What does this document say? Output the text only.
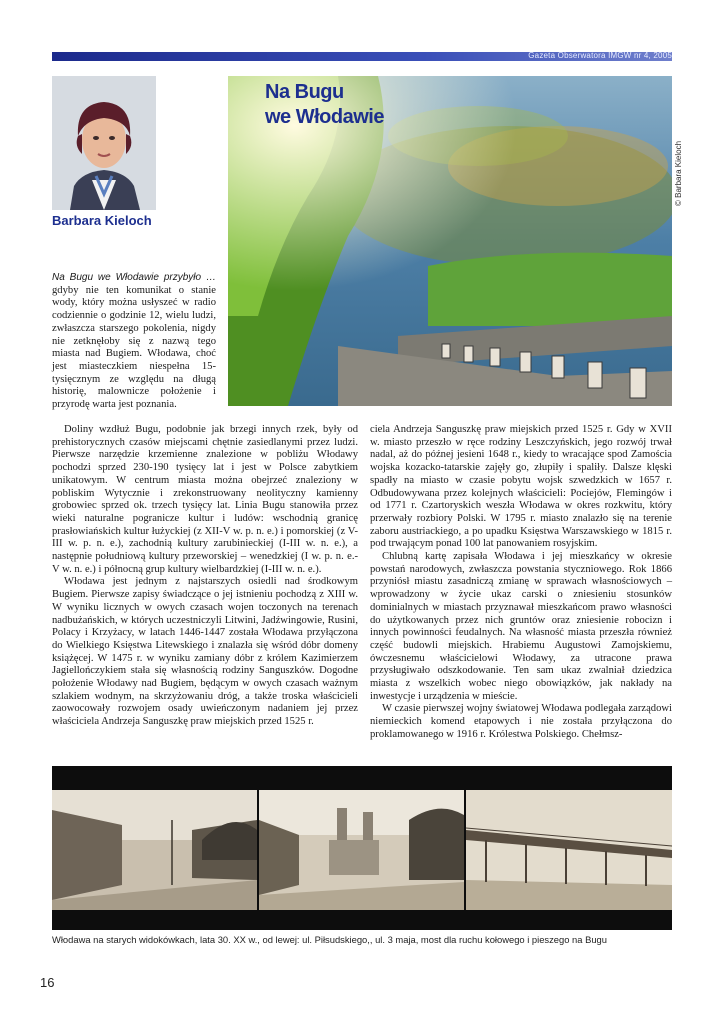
Gazeta Obserwatora IMGW nr 4, 2005
Barbara Kieloch
Na Bugu
we Włodawie
© Barbara Kieloch

Na Bugu we Włodawie przybyło … gdyby nie ten komunikat o stanie wody, który można usłyszeć w radio codziennie o godzinie 12, wielu ludzi, zwłaszcza starszego pokolenia, nigdy nie zetknęłoby się z nazwą tego miasta nad Bugiem. Włodawa, choć jest miasteczkiem niespełna 15-tysięcznym ze względu na długą historię, malownicze położenie i przyrodę warta jest poznania.

Doliny wzdłuż Bugu, podobnie jak brzegi innych rzek, były od prehistorycznych czasów miejscami chętnie zasiedlanymi przez ludzi. Pierwsze narzędzie krzemienne znalezione w pobliżu Włodawy pochodzi sprzed 230-190 tysięcy lat i jest w Polsce zabytkiem unikatowym. W centrum miasta można obejrzeć znaleziony w pobliskim Wytycznie i zrekonstruowany neolityczny kamienny grobowiec sprzed ok. trzech tysięcy lat. Linia Bugu stanowiła przez wieki naturalne pogranicze kultur i ludów: wschodnią granicę prasłowiańskich kultur łużyckiej (z XII-V w. p. n. e.) i pomorskiej (z V-III w. p. n. e.), zachodnią kultury zarubinieckiej (I-III w. n. e.), a następnie południową kultury przeworskiej – wenedzkiej (I w. p. n. e.-V w. n. e.) i północną grup kultury wielbardzkiej (I-III w. n. e.).

Włodawa jest jednym z najstarszych osiedli nad środkowym Bugiem. Pierwsze zapisy świadczące o jej istnieniu pochodzą z XIII w. W wyniku licznych w owych czasach wojen toczonych na terenach nadbużańskich, w których uczestniczyli Litwini, Jadźwingowie, Rusini, Polacy i Krzyżacy, w latach 1446-1447 została Włodawa przyłączona do Wielkiego Księstwa Litewskiego i znalazła się wśród dóbr domeny książęcej. W 1475 r. w wyniku zamiany dóbr z królem Kazimierzem Jagiellończykiem stała się własnością rodziny Sanguszków. Dogodne położenie Włodawy nad Bugiem, będącym w owych czasach ważnym szlakiem wodnym, na skrzyżowaniu dróg, a także troska właścicieli zaowocowały rozwojem osady uwieńczonym nadaniem jej przez właściciela Andrzeja Sanguszkę praw miejskich przed 1525 r.

ciela Andrzeja Sanguszkę praw miejskich przed 1525 r. Gdy w XVII w. miasto przeszło w ręce rodziny Leszczyńskich, jego rozwój trwał nadal, aż do późnej jesieni 1648 r., kiedy to wracające spod Zamościa wojska kozacko-tatarskie zajęły go, złupiły i spaliły. Dalsze klęski spadły na miasto w czasie pobytu wojsk szwedzkich w 1657 r. Odbudowywana przez kolejnych właścicieli: Pociejów, Flemingów i od 1771 r. Czartoryskich weszła Włodawa w okres rozkwitu, który przerwały rozbiory Polski. W 1795 r. miasto znalazło się na terenie zaboru austriackiego, a po upadku Księstwa Warszawskiego w 1815 r. pod trwającym ponad 100 lat panowaniem rosyjskim.

Chlubną kartę zapisała Włodawa i jej mieszkańcy w okresie powstań narodowych, zwłaszcza powstania styczniowego. Rok 1866 przyniósł miastu zasadniczą zmianę w sprawach własnościowych – wprowadzony w życie ukaz carski o zniesieniu stosunków dominialnych w miastach przyznawał mieszkańcom prawo własności do użytkowanych przez nich gruntów oraz zniesienie robocizn i innych powinności feudalnych. Na własność miasta przeszła również część budowli miejskich. Hrabiemu Augustowi Zamojskiemu, ówczesnemu właścicielowi Włodawy, za utracone prawa przysługiwało odszkodowanie. Ten sam ukaz zwalniał dziedzica miasta z wszelkich wobec niego obowiązków, jak nakłady na inwestycje i urządzenia w mieście.

W czasie pierwszej wojny światowej Włodawa podlegała zarządowi niemieckich komend etapowych i nie została przyłączona do proklamowanego w 1916 r. Królestwa Polskiego. Chełmsz-

Włodawa na starych widokówkach, lata 30. XX w., od lewej: ul. Piłsudskiego,, ul. 3 maja, most dla ruchu kołowego i pieszego na Bugu
16
